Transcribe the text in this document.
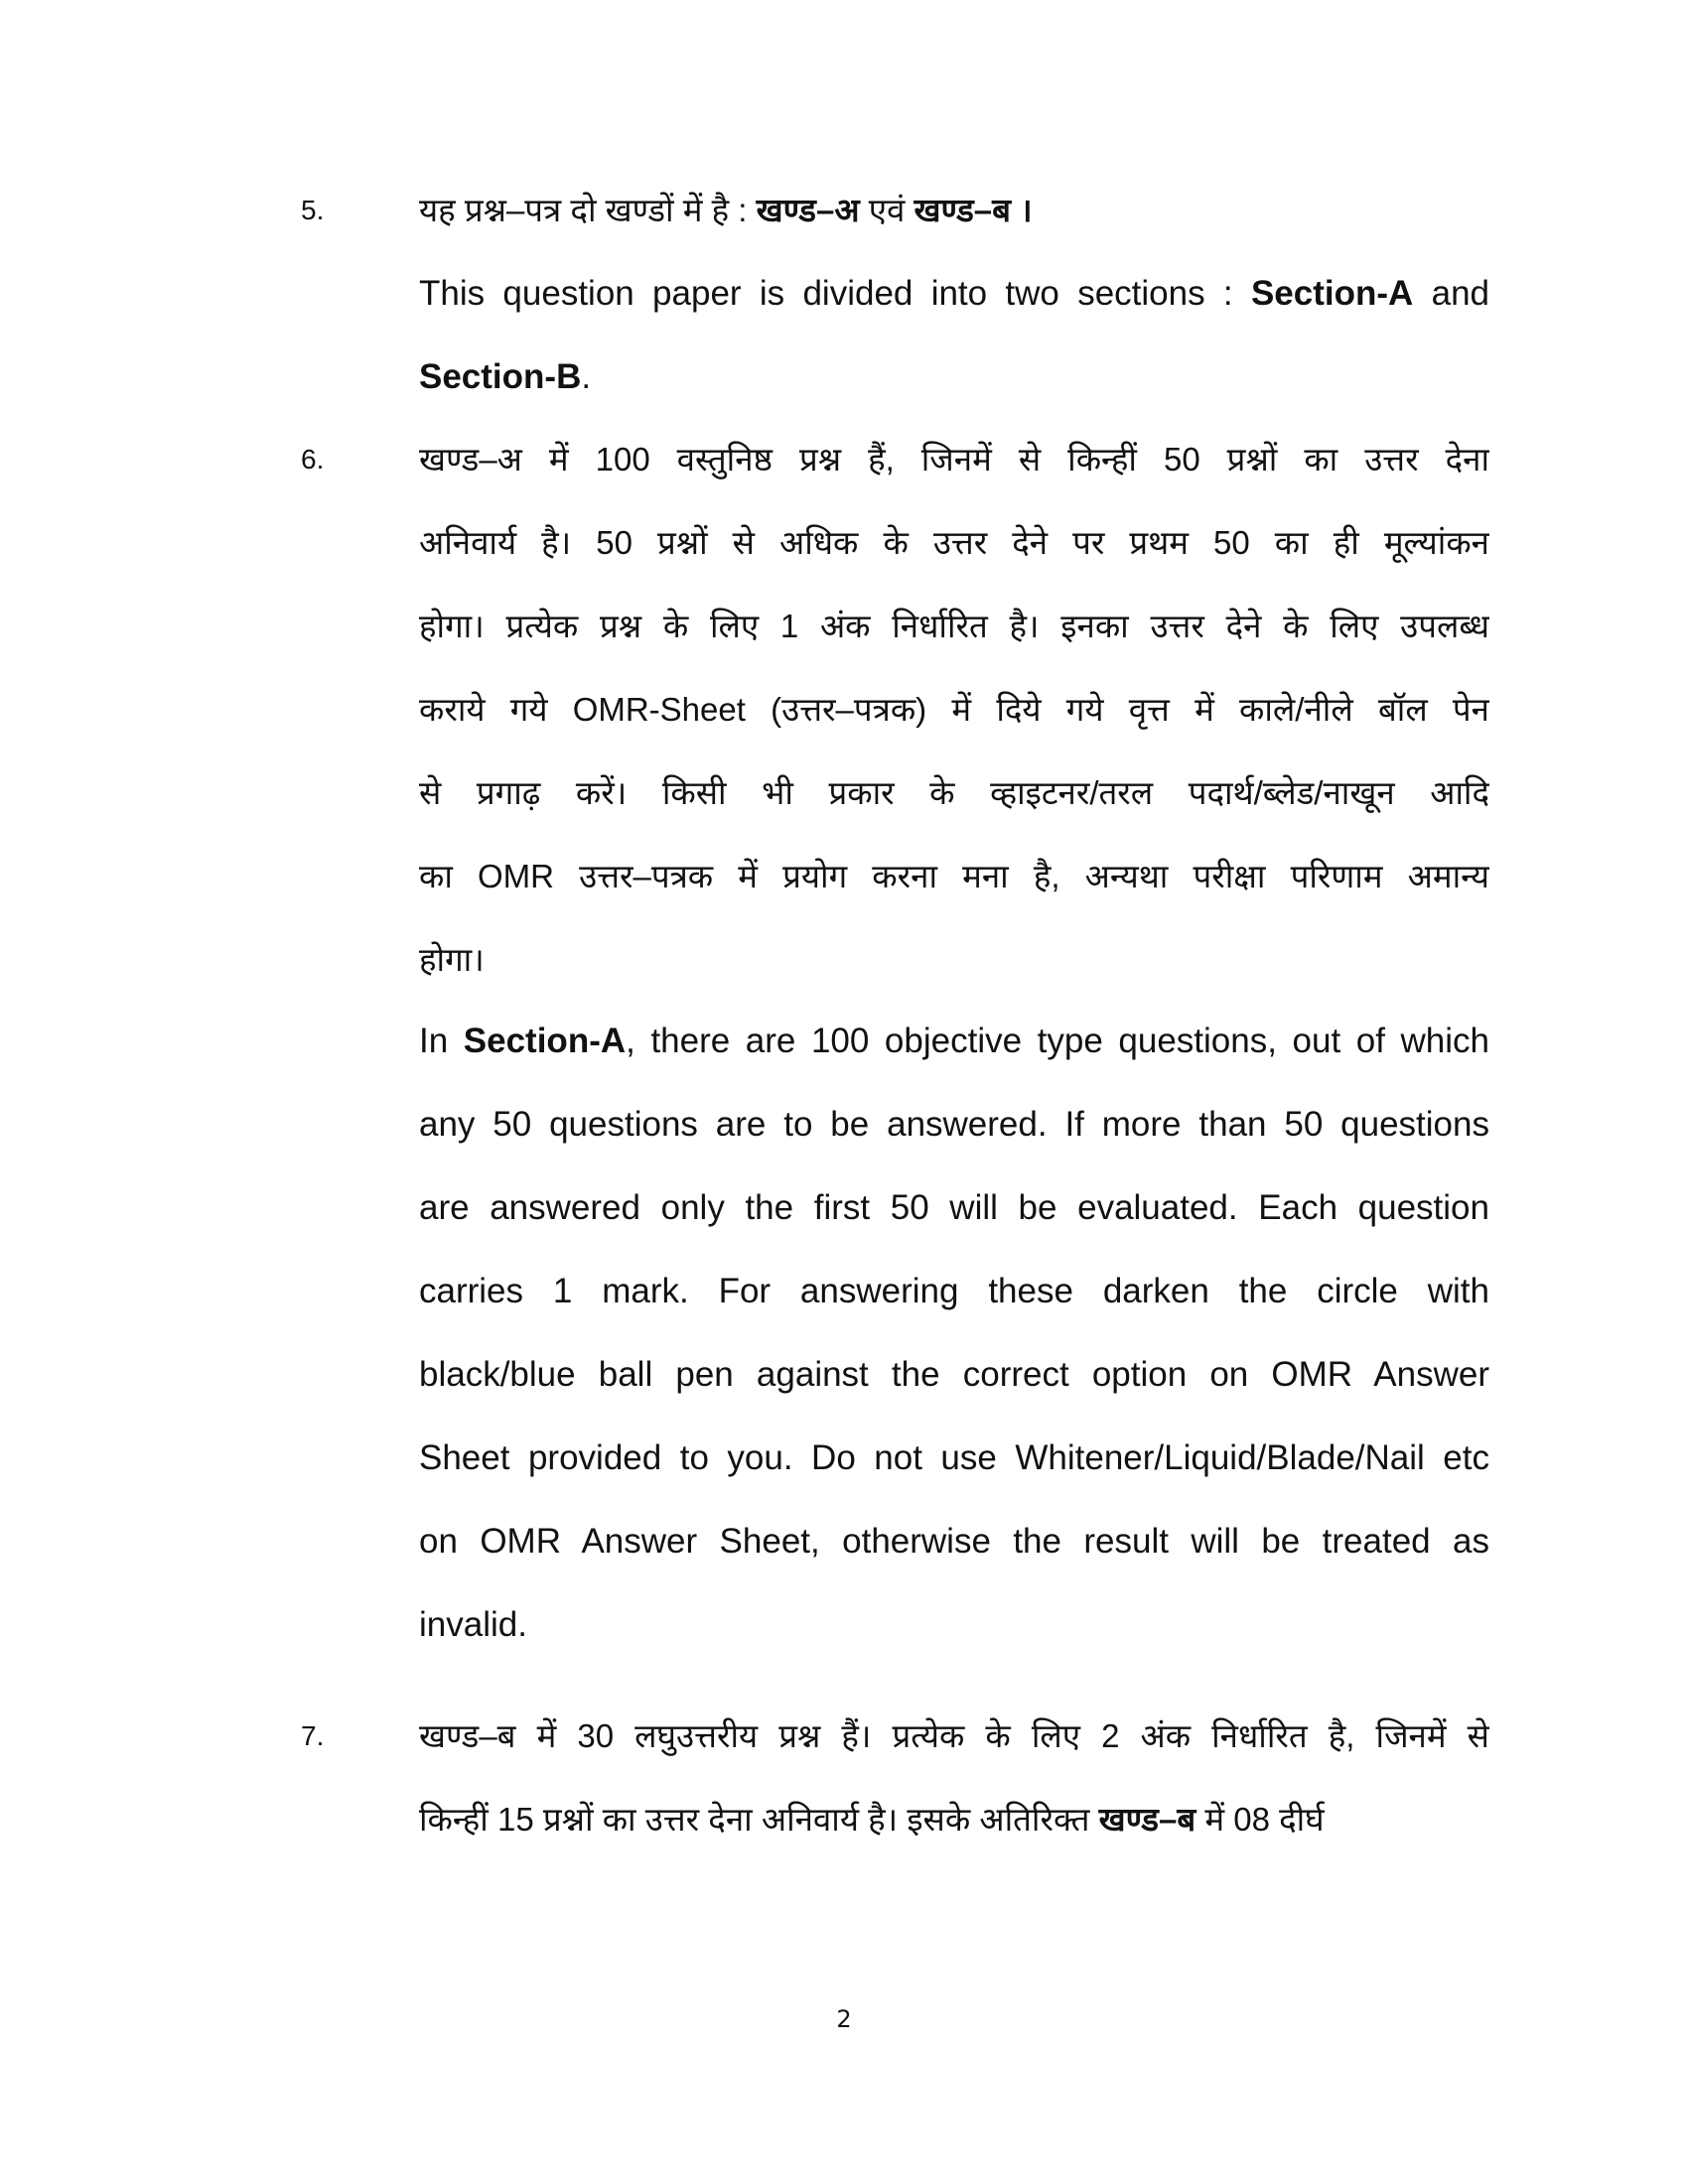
5.	यह प्रश्न–पत्र दो खण्डों में है : खण्ड–अ एवं खण्ड–ब ।
This question paper is divided into two sections : Section-A and
Section-B.
6.	खण्ड–अ में 100 वस्तुनिष्ठ प्रश्न हैं, जिनमें से किन्हीं 50 प्रश्नों का उत्तर देना
अनिवार्य है। 50 प्रश्नों से अधिक के उत्तर देने पर प्रथम 50 का ही मूल्यांकन
होगा। प्रत्येक प्रश्न के लिए 1 अंक निर्धारित है। इनका उत्तर देने के लिए उपलब्ध
कराये गये OMR-Sheet (उत्तर–पत्रक) में दिये गये वृत्त में काले/नीले बॉल पेन
से प्रगाढ़ करें। किसी भी प्रकार के व्हाइटनर/तरल पदार्थ/ब्लेड/नाखून आदि
का OMR उत्तर–पत्रक में प्रयोग करना मना है, अन्यथा परीक्षा परिणाम अमान्य
होगा।
In Section-A, there are 100 objective type questions, out of which
any 50 questions are to be answered. If more than 50 questions
are answered only the first 50 will be evaluated. Each question
carries 1 mark. For answering these darken the circle with
black/blue ball pen against the correct option on OMR Answer
Sheet provided to you. Do not use Whitener/Liquid/Blade/Nail etc
on OMR Answer Sheet, otherwise the result will be treated as
invalid.
7.	खण्ड–ब में 30 लघुउत्तरीय प्रश्न हैं। प्रत्येक के लिए 2 अंक निर्धारित है, जिनमें से
किन्हीं 15 प्रश्नों का उत्तर देना अनिवार्य है। इसके अतिरिक्त खण्ड–ब में 08 दीर्घ
2
